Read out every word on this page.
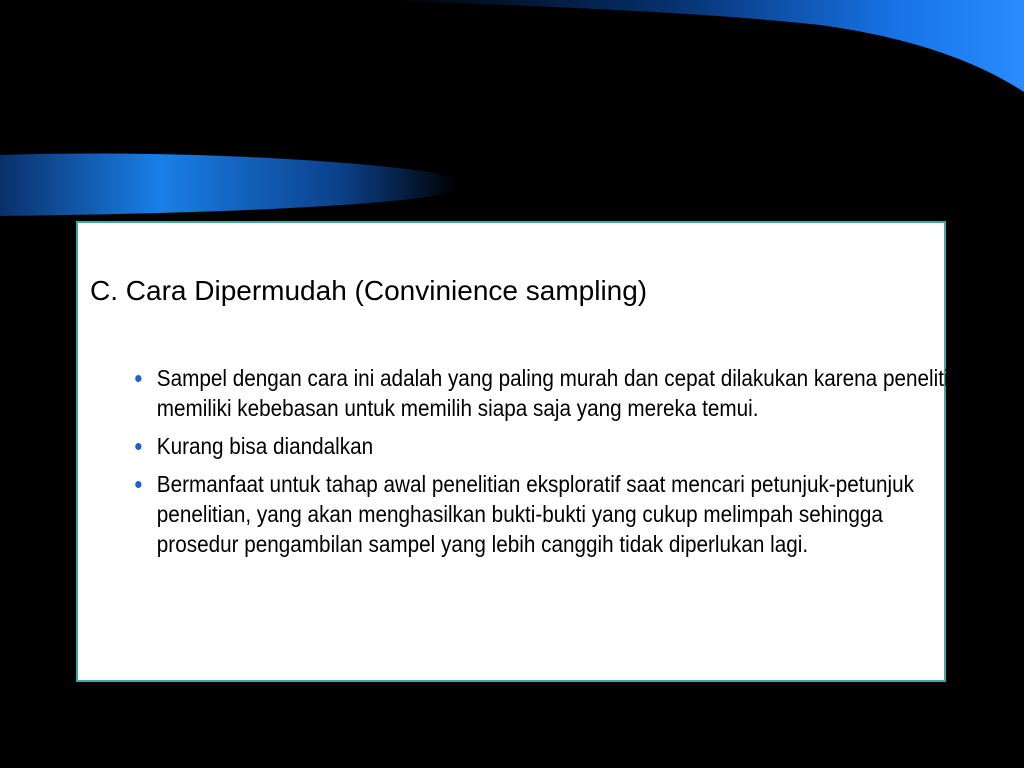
C. Cara Dipermudah (Convinience sampling)
Sampel dengan cara ini adalah yang paling murah dan cepat dilakukan karena peneliti memiliki kebebasan untuk memilih siapa saja yang mereka temui.
Kurang bisa diandalkan
Bermanfaat untuk tahap awal penelitian eksploratif saat mencari petunjuk-petunjuk penelitian, yang akan menghasilkan bukti-bukti yang cukup melimpah sehingga prosedur pengambilan sampel yang lebih canggih tidak diperlukan lagi.
